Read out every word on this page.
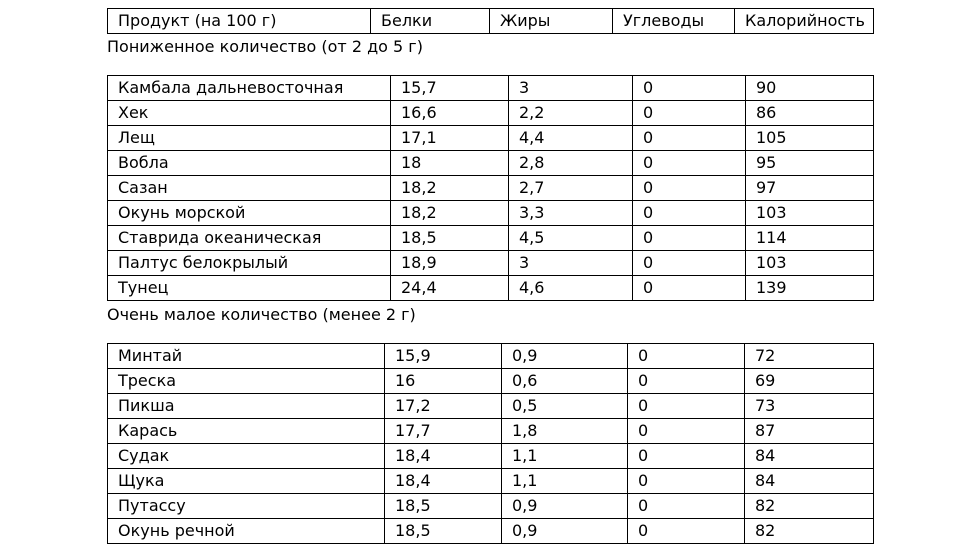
Продукт (на 100 г)	Белки	Жиры	Углеводы	Калорийность
Пониженное количество (от 2 до 5 г)
Камбала дальневосточная	15,7	3	0	90
Хек	16,6	2,2	0	86
Лещ	17,1	4,4	0	105
Вобла	18	2,8	0	95
Сазан	18,2	2,7	0	97
Окунь морской	18,2	3,3	0	103
Ставрида океаническая	18,5	4,5	0	114
Палтус белокрылый	18,9	3	0	103
Тунец	24,4	4,6	0	139
Очень малое количество (менее 2 г)
Минтай	15,9	0,9	0	72
Треска	16	0,6	0	69
Пикша	17,2	0,5	0	73
Карась	17,7	1,8	0	87
Судак	18,4	1,1	0	84
Щука	18,4	1,1	0	84
Путассу	18,5	0,9	0	82
Окунь речной	18,5	0,9	0	82
